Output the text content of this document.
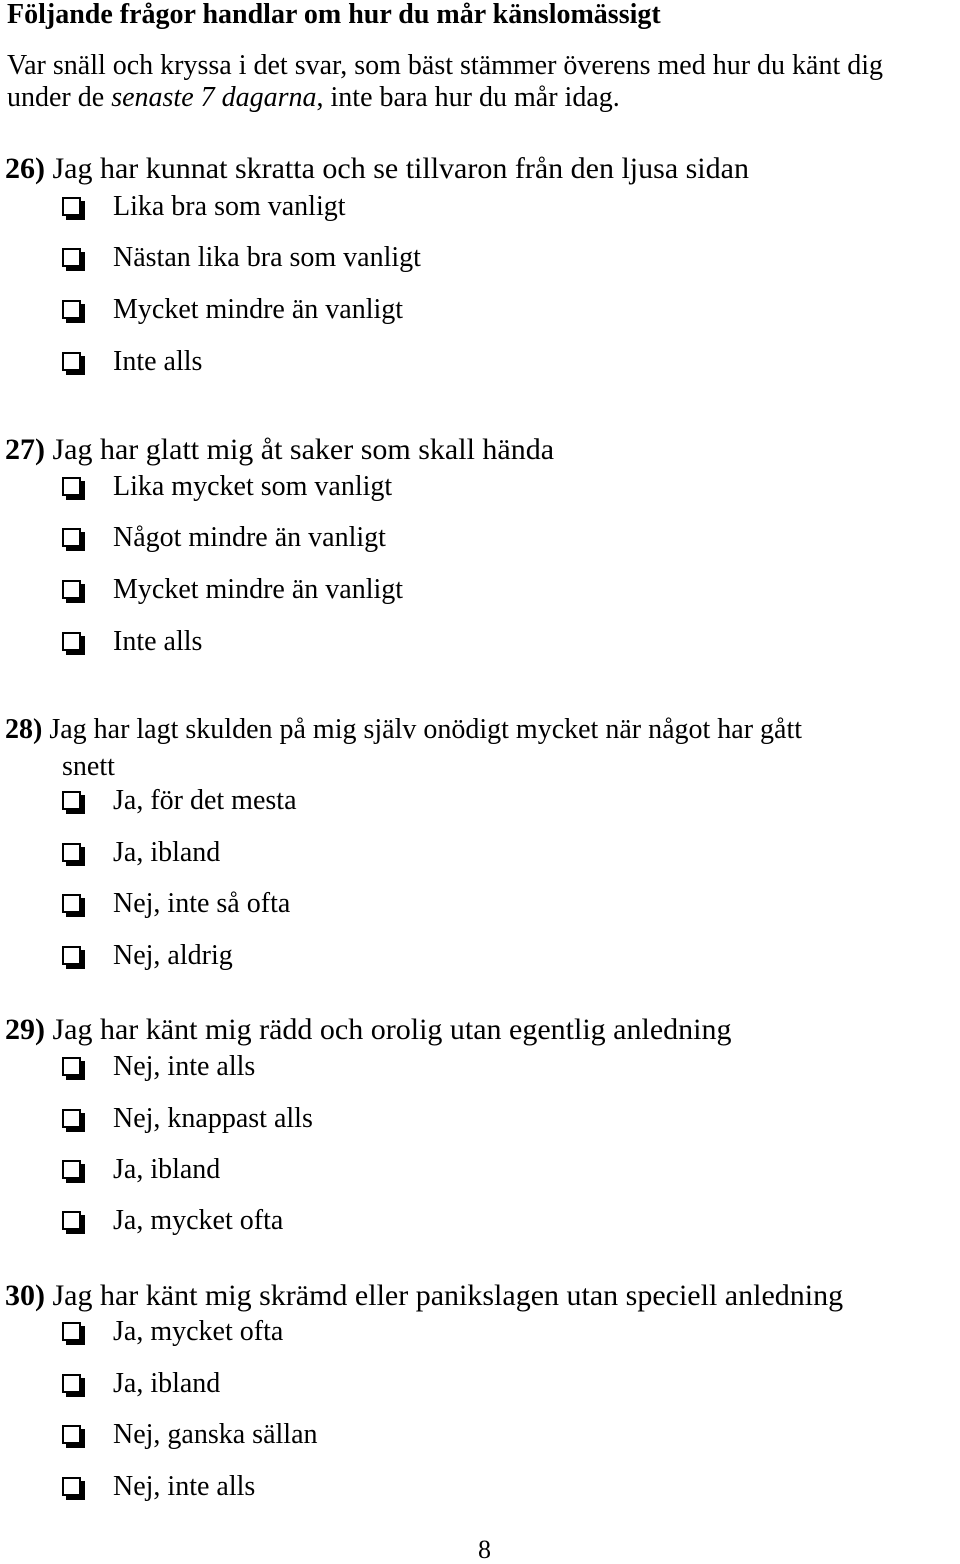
Följande frågor handlar om hur du mår känslomässigt
Var snäll och kryssa i det svar, som bäst stämmer överens med hur du känt dig under de senaste 7 dagarna, inte bara hur du mår idag.
26) Jag har kunnat skratta och se tillvaron från den ljusa sidan
Lika bra som vanligt
Nästan lika bra som vanligt
Mycket mindre än vanligt
Inte alls
27) Jag har glatt mig åt saker som skall hända
Lika mycket som vanligt
Något mindre än vanligt
Mycket mindre än vanligt
Inte alls
28) Jag har lagt skulden på mig själv onödigt mycket när något har gått
snett
Ja, för det mesta
Ja, ibland
Nej, inte så ofta
Nej, aldrig
29) Jag har känt mig rädd och orolig utan egentlig anledning
Nej, inte alls
Nej, knappast alls
Ja, ibland
Ja, mycket ofta
30) Jag har känt mig skrämd eller panikslagen utan speciell anledning
Ja, mycket ofta
Ja, ibland
Nej, ganska sällan
Nej, inte alls
8
